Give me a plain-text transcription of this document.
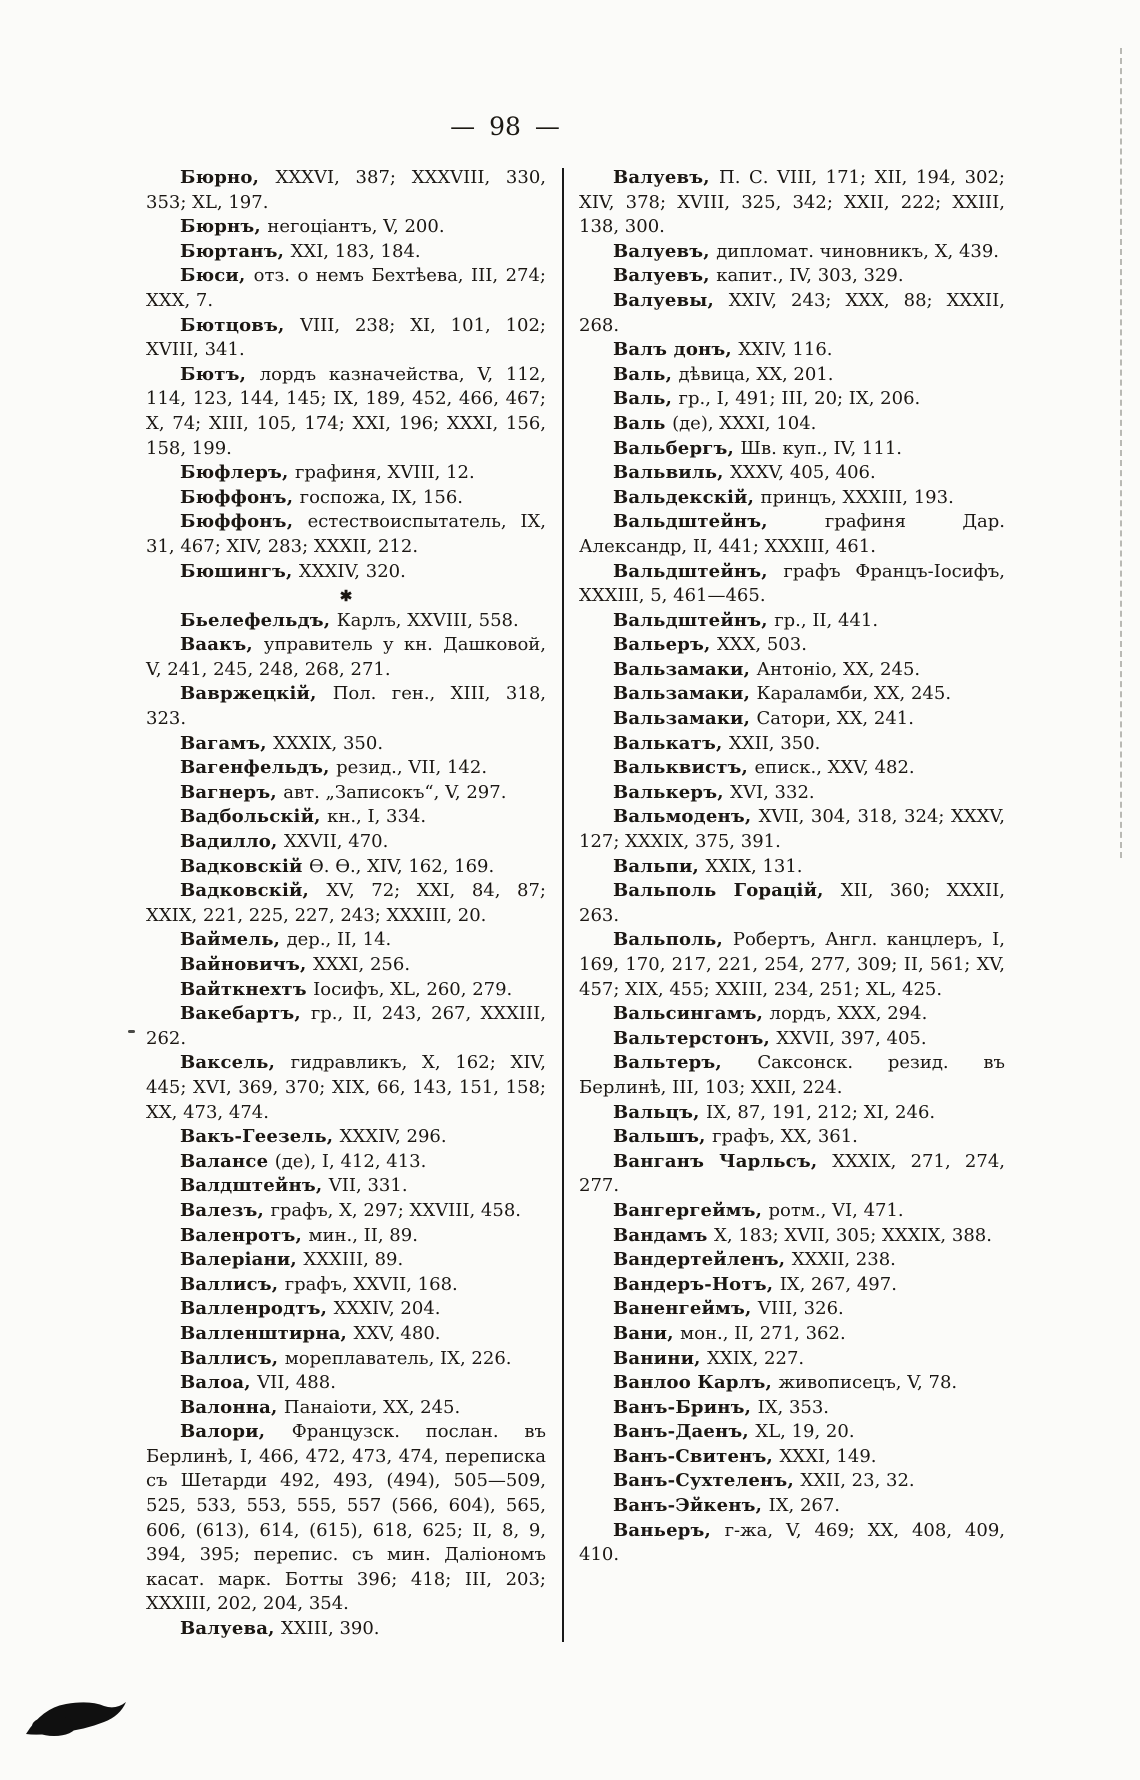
— 98 —

Бюрно, XXXVI, 387; XXXVIII, 330, 353; XL, 197.

Бюрнъ, негоціантъ, V, 200.

Бюртанъ, XXI, 183, 184.

Бюси, отз. о немъ Бехтѣева, III, 274; XXX, 7.

Бютцовъ, VIII, 238; XI, 101, 102; XVIII, 341.

Бютъ, лордъ казначейства, V, 112, 114, 123, 144, 145; IX, 189, 452, 466, 467; X, 74; XIII, 105, 174; XXI, 196; XXXI, 156, 158, 199.

Бюфлеръ, графиня, XVIII, 12.

Бюффонъ, госпожа, IX, 156.

Бюффонъ, естествоиспытатель, IX, 31, 467; XIV, 283; XXXII, 212.

Бюшингъ, XXXIV, 320.

✱

Бьелефельдъ, Карлъ, XXVIII, 558.

Ваакъ, управитель у кн. Дашковой, V, 241, 245, 248, 268, 271.

Вавржецкій, Пол. ген., XIII, 318, 323.

Вагамъ, XXXIX, 350.

Вагенфельдъ, резид., VII, 142.

Вагнеръ, авт. „Записокъ“, V, 297.

Вадбольскій, кн., I, 334.

Вадилло, XXVII, 470.

Вадковскій Ѳ. Ѳ., XIV, 162, 169.

Вадковскій, XV, 72; XXI, 84, 87; XXIX, 221, 225, 227, 243; XXXIII, 20.

Ваймель, дер., II, 14.

Вайновичъ, XXXI, 256.

Вайткнехтъ Іосифъ, XL, 260, 279.

Вакебартъ, гр., II, 243, 267, XXXIII, 262.

Ваксель, гидравликъ, X, 162; XIV, 445; XVI, 369, 370; XIX, 66, 143, 151, 158; XX, 473, 474.

Вакъ-Геезель, XXXIV, 296.

Валансе (де), I, 412, 413.

Валдштейнъ, VII, 331.

Валезъ, графъ, X, 297; XXVIII, 458.

Валенротъ, мин., II, 89.

Валеріани, XXXIII, 89.

Валлисъ, графъ, XXVII, 168.

Валленродтъ, XXXIV, 204.

Валленштирна, XXV, 480.

Валлисъ, мореплаватель, IX, 226.

Валоа, VII, 488.

Валонна, Панаіоти, XX, 245.

Валори, Французск. послан. въ Берлинѣ, I, 466, 472, 473, 474, переписка съ Шетарди 492, 493, (494), 505—509, 525, 533, 553, 555, 557 (566, 604), 565, 606, (613), 614, (615), 618, 625; II, 8, 9, 394, 395; перепис. съ мин. Даліономъ касат. марк. Ботты 396; 418; III, 203; XXXIII, 202, 204, 354.

Валуева, XXIII, 390.

Валуевъ, П. С. VIII, 171; XII, 194, 302; XIV, 378; XVIII, 325, 342; XXII, 222; XXIII, 138, 300.

Валуевъ, дипломат. чиновникъ, X, 439.

Валуевъ, капит., IV, 303, 329.

Валуевы, XXIV, 243; XXX, 88; XXXII, 268.

Валъ донъ, XXIV, 116.

Валь, дѣвица, XX, 201.

Валь, гр., I, 491; III, 20; IX, 206.

Валь (де), XXXI, 104.

Вальбергъ, Шв. куп., IV, 111.

Вальвиль, XXXV, 405, 406.

Вальдекскій, принцъ, XXXIII, 193.

Вальдштейнъ, графиня Дар. Александр, II, 441; XXXIII, 461.

Вальдштейнъ, графъ Францъ-Іосифъ, XXXIII, 5, 461—465.

Вальдштейнъ, гр., II, 441.

Вальеръ, XXX, 503.

Вальзамаки, Антоніо, XX, 245.

Вальзамаки, Караламби, XX, 245.

Вальзамаки, Сатори, XX, 241.

Валькатъ, XXII, 350.

Вальквистъ, еписк., XXV, 482.

Валькеръ, XVI, 332.

Вальмоденъ, XVII, 304, 318, 324; XXXV, 127; XXXIX, 375, 391.

Вальпи, XXIX, 131.

Вальполь Горацій, XII, 360; XXXII, 263.

Вальполь, Робертъ, Англ. канцлеръ, I, 169, 170, 217, 221, 254, 277, 309; II, 561; XV, 457; XIX, 455; XXIII, 234, 251; XL, 425.

Вальсингамъ, лордъ, XXX, 294.

Вальтерстонъ, XXVII, 397, 405.

Вальтеръ, Саксонск. резид. въ Берлинѣ, III, 103; XXII, 224.

Вальцъ, IX, 87, 191, 212; XI, 246.

Вальшъ, графъ, XX, 361.

Ванганъ Чарльсъ, XXXIX, 271, 274, 277.

Вангергеймъ, ротм., VI, 471.

Вандамъ X, 183; XVII, 305; XXXIX, 388.

Вандертейленъ, XXXII, 238.

Вандеръ-Нотъ, IX, 267, 497.

Ваненгеймъ, VIII, 326.

Вани, мон., II, 271, 362.

Ванини, XXIX, 227.

Ванлоо Карлъ, живописецъ, V, 78.

Ванъ-Бринъ, IX, 353.

Ванъ-Даенъ, XL, 19, 20.

Ванъ-Свитенъ, XXXI, 149.

Ванъ-Сухтеленъ, XXII, 23, 32.

Ванъ-Эйкенъ, IX, 267.

Ваньеръ, г-жа, V, 469; XX, 408, 409, 410.
